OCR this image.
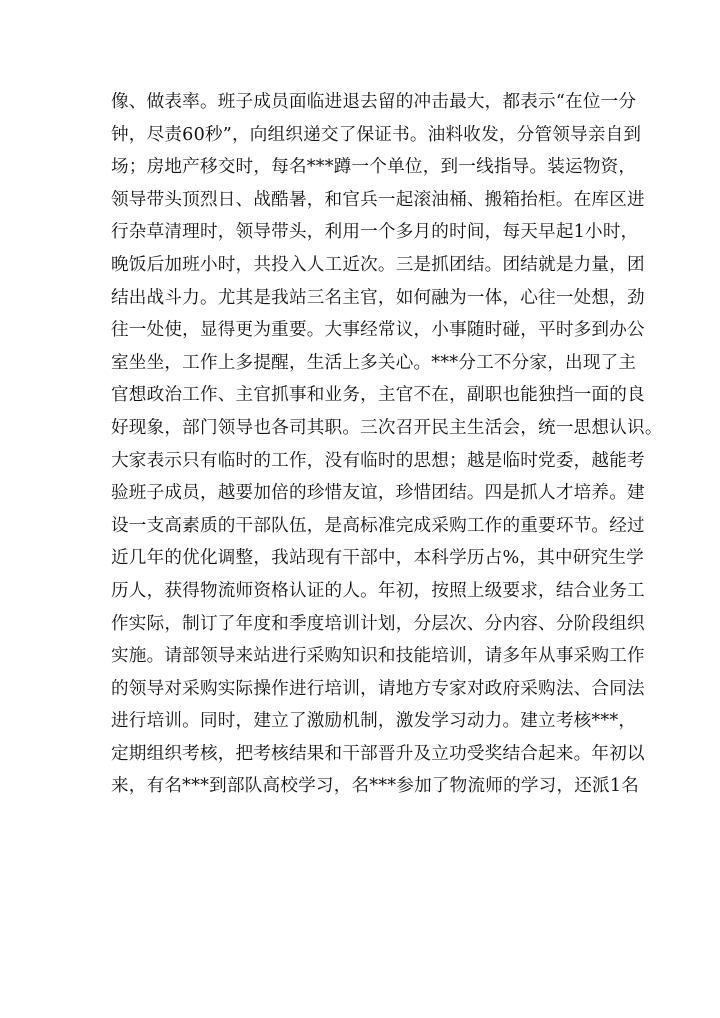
像、做表率。班子成员面临进退去留的冲击最大，都表示“在位一分
钟，尽责60秒”，向组织递交了保证书。油料收发，分管领导亲自到
场；房地产移交时，每名***蹲一个单位，到一线指导。装运物资，
领导带头顶烈日、战酷暑，和官兵一起滚油桶、搬箱抬柜。在库区进
行杂草清理时，领导带头，利用一个多月的时间，每天早起1小时，
晚饭后加班小时，共投入人工近次。三是抓团结。团结就是力量，团
结出战斗力。尤其是我站三名主官，如何融为一体，心往一处想，劲
往一处使，显得更为重要。大事经常议，小事随时碰，平时多到办公
室坐坐，工作上多提醒，生活上多关心。***分工不分家，出现了主
官想政治工作、主官抓事和业务，主官不在，副职也能独挡一面的良
好现象，部门领导也各司其职。三次召开民主生活会，统一思想认识。
大家表示只有临时的工作，没有临时的思想；越是临时党委，越能考
验班子成员，越要加倍的珍惜友谊，珍惜团结。四是抓人才培养。建
设一支高素质的干部队伍，是高标准完成采购工作的重要环节。经过
近几年的优化调整，我站现有干部中，本科学历占%，其中研究生学
历人，获得物流师资格认证的人。年初，按照上级要求，结合业务工
作实际，制订了年度和季度培训计划，分层次、分内容、分阶段组织
实施。请部领导来站进行采购知识和技能培训，请多年从事采购工作
的领导对采购实际操作进行培训，请地方专家对政府采购法、合同法
进行培训。同时，建立了激励机制，激发学习动力。建立考核***，
定期组织考核，把考核结果和干部晋升及立功受奖结合起来。年初以
来，有名***到部队高校学习，名***参加了物流师的学习，还派1名
